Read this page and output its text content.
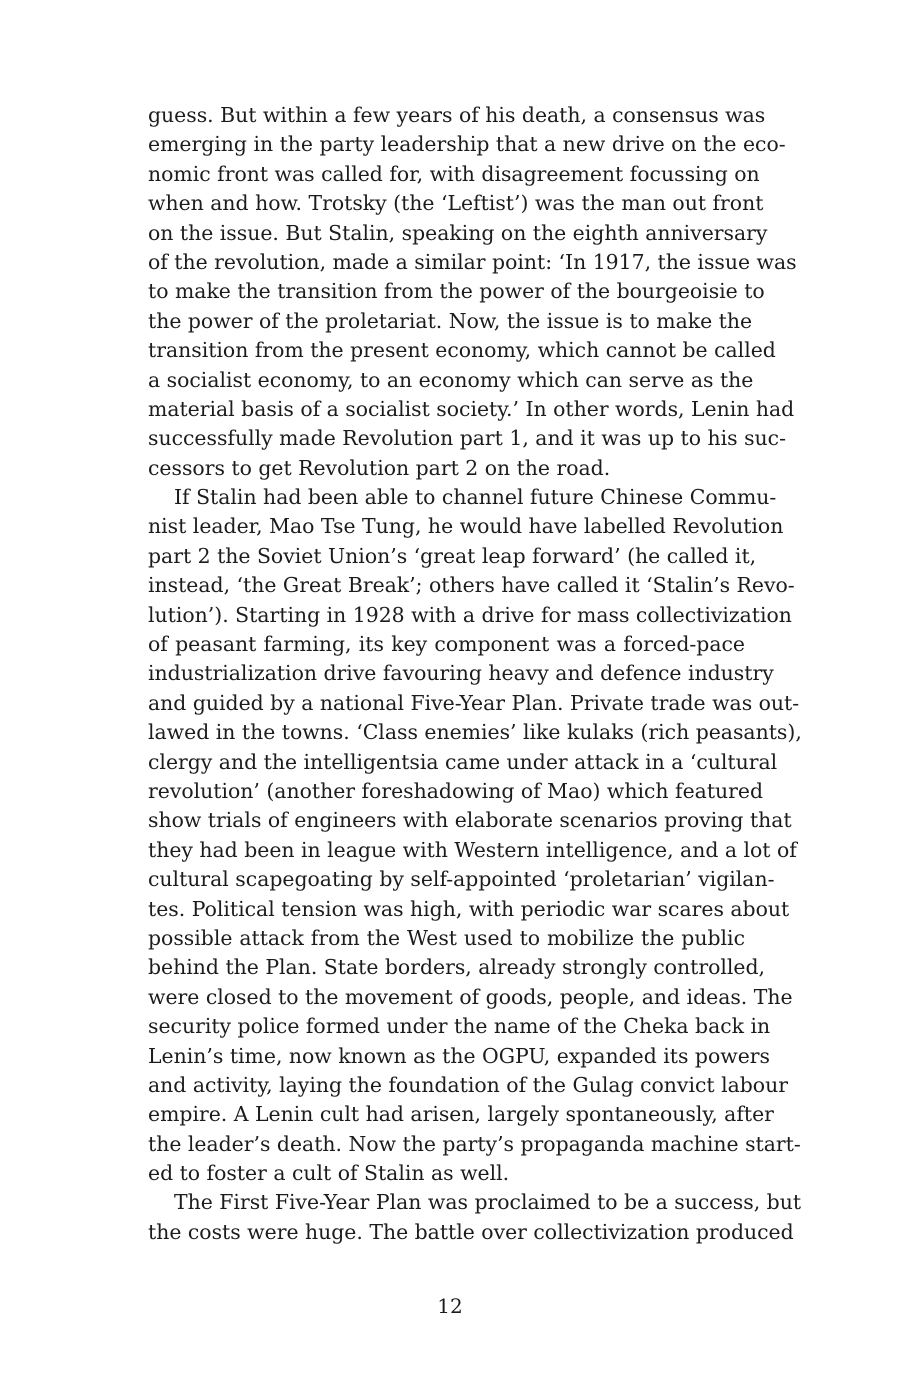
guess. But within a few years of his death, a consensus was
emerging in the party leadership that a new drive on the eco-
nomic front was called for, with disagreement focussing on
when and how. Trotsky (the ‘Leftist’) was the man out front
on the issue. But Stalin, speaking on the eighth anniversary
of the revolution, made a similar point: ‘In 1917, the issue was
to make the transition from the power of the bourgeoisie to
the power of the proletariat. Now, the issue is to make the
transition from the present economy, which cannot be called
a socialist economy, to an economy which can serve as the
material basis of a socialist society.’ In other words, Lenin had
successfully made Revolution part 1, and it was up to his suc-
cessors to get Revolution part 2 on the road.
If Stalin had been able to channel future Chinese Commu-
nist leader, Mao Tse Tung, he would have labelled Revolution
part 2 the Soviet Union’s ‘great leap forward’ (he called it,
instead, ‘the Great Break’; others have called it ‘Stalin’s Revo-
lution’). Starting in 1928 with a drive for mass collectivization
of peasant farming, its key component was a forced-pace
industrialization drive favouring heavy and defence industry
and guided by a national Five-Year Plan. Private trade was out-
lawed in the towns. ‘Class enemies’ like kulaks (rich peasants),
clergy and the intelligentsia came under attack in a ‘cultural
revolution’ (another foreshadowing of Mao) which featured
show trials of engineers with elaborate scenarios proving that
they had been in league with Western intelligence, and a lot of
cultural scapegoating by self-appointed ‘proletarian’ vigilan-
tes. Political tension was high, with periodic war scares about
possible attack from the West used to mobilize the public
behind the Plan. State borders, already strongly controlled,
were closed to the movement of goods, people, and ideas. The
security police formed under the name of the Cheka back in
Lenin’s time, now known as the OGPU, expanded its powers
and activity, laying the foundation of the Gulag convict labour
empire. A Lenin cult had arisen, largely spontaneously, after
the leader’s death. Now the party’s propaganda machine start-
ed to foster a cult of Stalin as well.
The First Five-Year Plan was proclaimed to be a success, but
the costs were huge. The battle over collectivization produced
12
